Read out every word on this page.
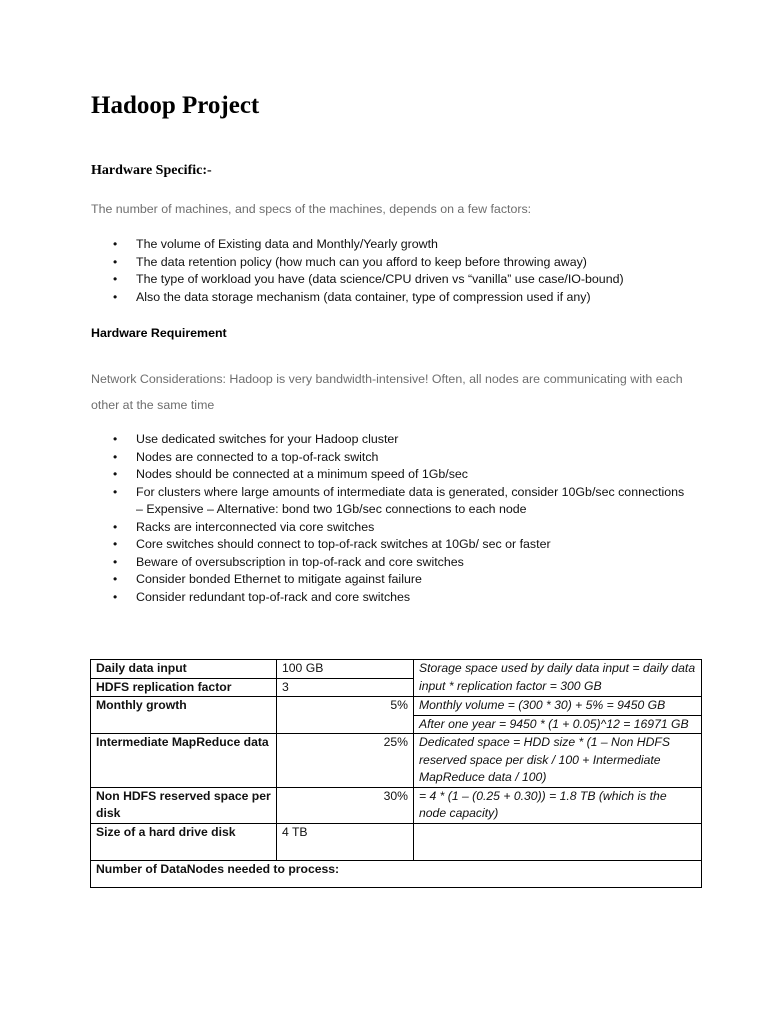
Hadoop Project
Hardware Specific:-

The number of machines, and specs of the machines, depends on a few factors:

• The volume of Existing data and Monthly/Yearly growth
• The data retention policy (how much can you afford to keep before throwing away)
• The type of workload you have (data science/CPU driven vs “vanilla” use case/IO-bound)
• Also the data storage mechanism (data container, type of compression used if any)
Hardware Requirement

Network Considerations: Hadoop is very bandwidth-intensive! Often, all nodes are communicating with each other at the same time

• Use dedicated switches for your Hadoop cluster
• Nodes are connected to a top-of-rack switch
• Nodes should be connected at a minimum speed of 1Gb/sec
• For clusters where large amounts of intermediate data is generated, consider 10Gb/sec connections – Expensive – Alternative: bond two 1Gb/sec connections to each node
• Racks are interconnected via core switches
• Core switches should connect to top-of-rack switches at 10Gb/ sec or faster
• Beware of oversubscription in top-of-rack and core switches
• Consider bonded Ethernet to mitigate against failure
• Consider redundant top-of-rack and core switches
Daily data input	100 GB	Storage space used by daily data input = daily data input * replication factor = 300 GB
HDFS replication factor	3	
Monthly growth	5%	Monthly volume = (300 * 30) + 5% = 9450 GB
		After one year = 9450 * (1 + 0.05)^12 = 16971 GB
Intermediate MapReduce data	25%	Dedicated space = HDD size * (1 – Non HDFS reserved space per disk / 100 + Intermediate MapReduce data / 100)
Non HDFS reserved space per disk	30%	= 4 * (1 – (0.25 + 0.30)) = 1.8 TB (which is the node capacity)
Size of a hard drive disk	4 TB	
Number of DataNodes needed to process:		
